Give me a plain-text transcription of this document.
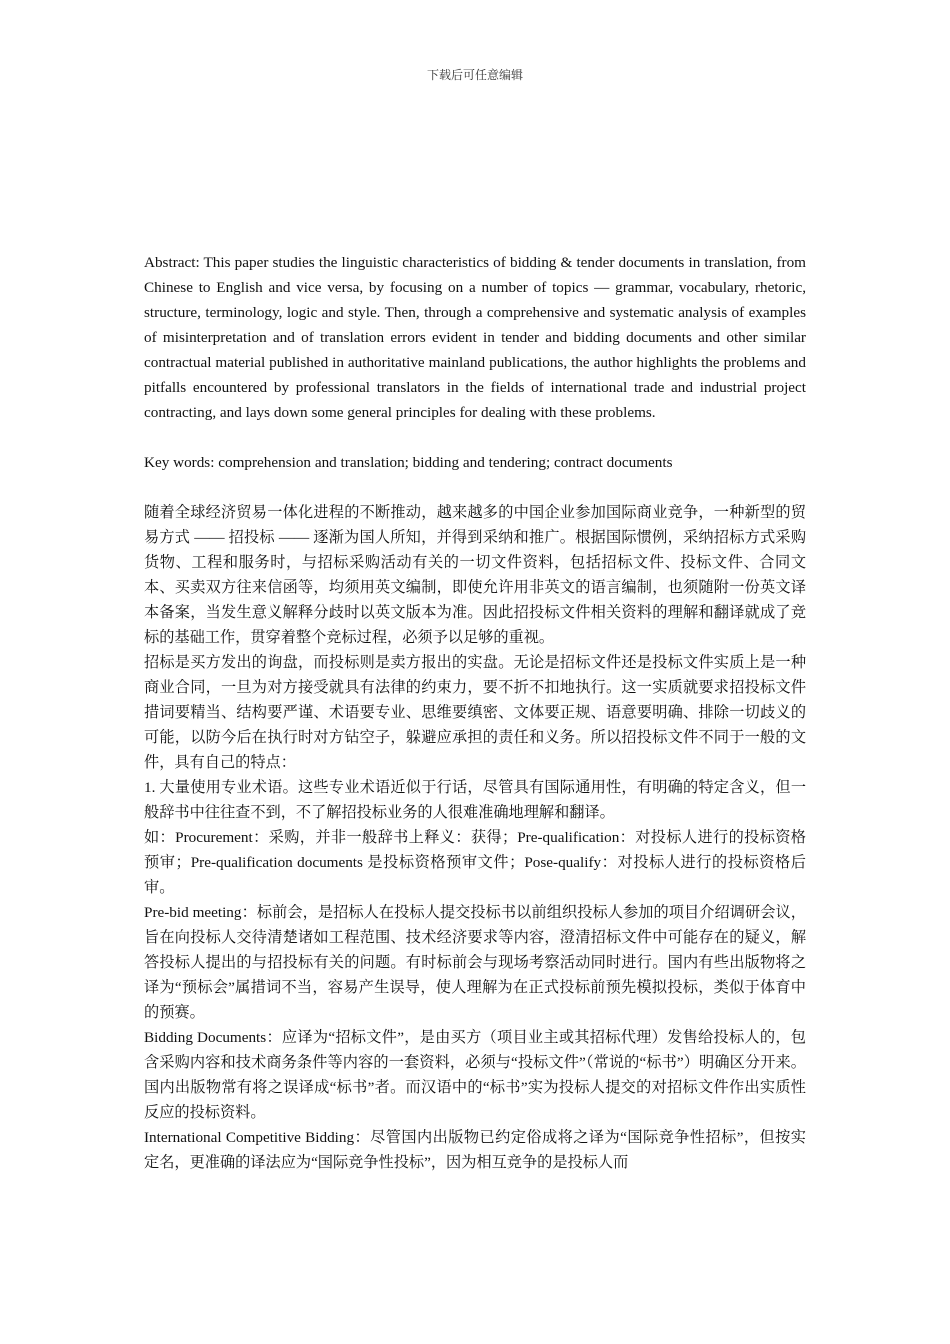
下载后可任意编辑

Abstract: This paper studies the linguistic characteristics of bidding & tender documents in translation, from Chinese to English and vice versa, by focusing on a number of topics — grammar, vocabulary, rhetoric, structure, terminology, logic and style. Then, through a comprehensive and systematic analysis of examples of misinterpretation and of translation errors evident in tender and bidding documents and other similar contractual material published in authoritative mainland publications, the author highlights the problems and pitfalls encountered by professional translators in the fields of international trade and industrial project contracting, and lays down some general principles for dealing with these problems.

Key words: comprehension and translation; bidding and tendering; contract documents

随着全球经济贸易一体化进程的不断推动，越来越多的中国企业参加国际商业竞争，一种新型的贸易方式 —— 招投标 —— 逐渐为国人所知，并得到采纳和推广。根据国际惯例，采纳招标方式采购货物、工程和服务时，与招标采购活动有关的一切文件资料，包括招标文件、投标文件、合同文本、买卖双方往来信函等，均须用英文编制，即使允许用非英文的语言编制，也须随附一份英文译本备案，当发生意义解释分歧时以英文版本为准。因此招投标文件相关资料的理解和翻译就成了竞标的基础工作，贯穿着整个竞标过程，必须予以足够的重视。

招标是买方发出的询盘，而投标则是卖方报出的实盘。无论是招标文件还是投标文件实质上是一种商业合同，一旦为对方接受就具有法律的约束力，要不折不扣地执行。这一实质就要求招投标文件措词要精当、结构要严谨、术语要专业、思维要缜密、文体要正规、语意要明确、排除一切歧义的可能，以防今后在执行时对方钻空子，躲避应承担的责任和义务。所以招投标文件不同于一般的文件，具有自己的特点：

1. 大量使用专业术语。这些专业术语近似于行话，尽管具有国际通用性，有明确的特定含义，但一般辞书中往往查不到，不了解招投标业务的人很难准确地理解和翻译。

如：Procurement：采购，并非一般辞书上释义：获得；Pre-qualification：对投标人进行的投标资格预审；Pre-qualification documents 是投标资格预审文件；Pose-qualify：对投标人进行的投标资格后审。

Pre-bid meeting：标前会，是招标人在投标人提交投标书以前组织投标人参加的项目介绍调研会议，旨在向投标人交待清楚诸如工程范围、技术经济要求等内容，澄清招标文件中可能存在的疑义，解答投标人提出的与招投标有关的问题。有时标前会与现场考察活动同时进行。国内有些出版物将之译为“预标会”属措词不当，容易产生误导，使人理解为在正式投标前预先模拟投标，类似于体育中的预赛。

Bidding Documents：应译为“招标文件”，是由买方（项目业主或其招标代理）发售给投标人的，包含采购内容和技术商务条件等内容的一套资料，必须与“投标文件”（常说的“标书”）明确区分开来。国内出版物常有将之误译成“标书”者。而汉语中的“标书”实为投标人提交的对招标文件作出实质性反应的投标资料。

International Competitive Bidding：尽管国内出版物已约定俗成将之译为“国际竞争性招标”，但按实定名，更准确的译法应为“国际竞争性投标”，因为相互竞争的是投标人而
